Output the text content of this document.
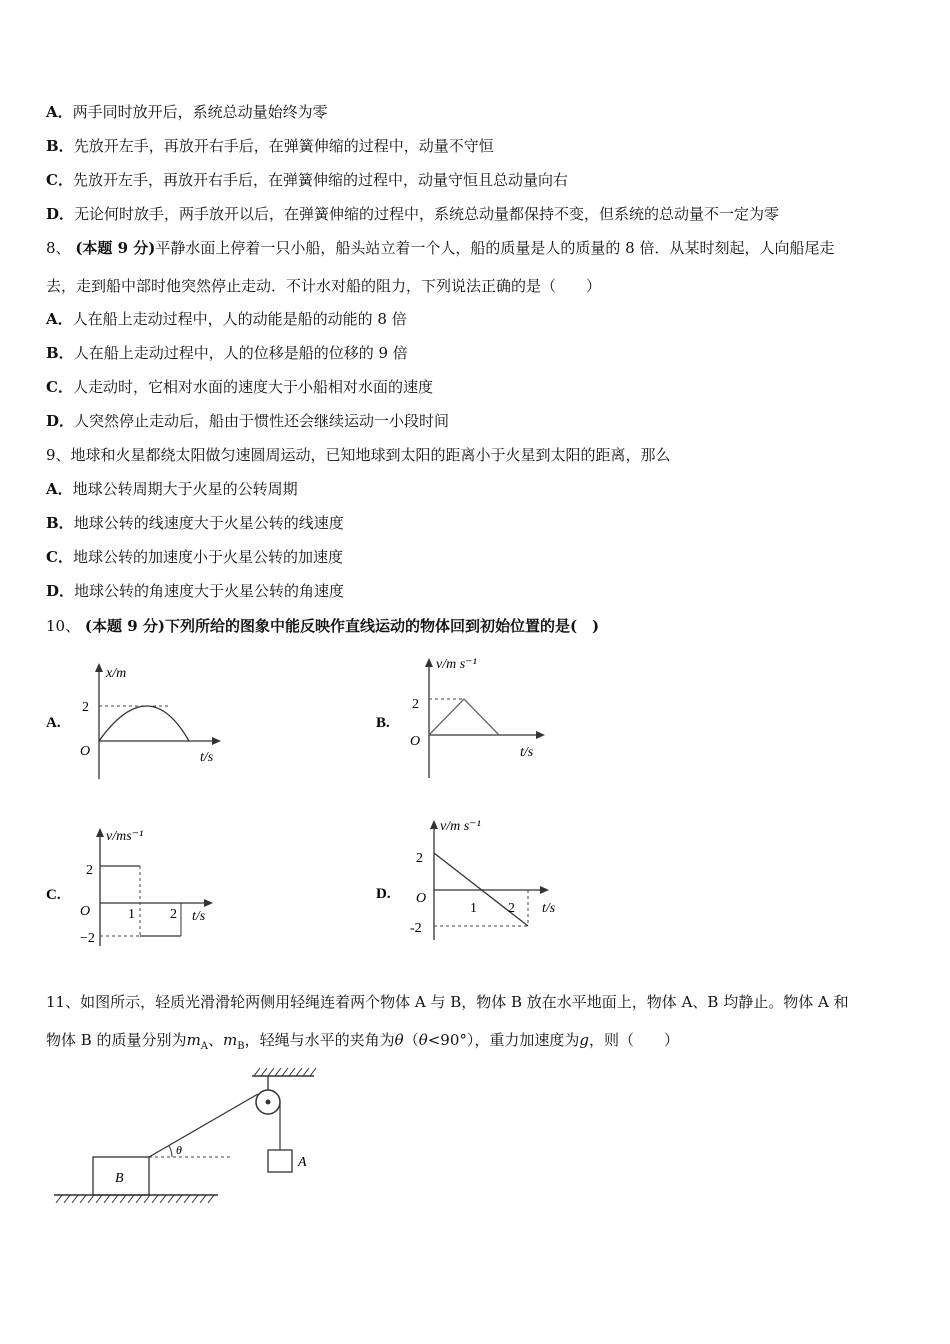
A．两手同时放开后，系统总动量始终为零
B．先放开左手，再放开右手后，在弹簧伸缩的过程中，动量不守恒
C．先放开左手，再放开右手后，在弹簧伸缩的过程中，动量守恒且总动量向右
D．无论何时放手，两手放开以后，在弹簧伸缩的过程中，系统总动量都保持不变，但系统的总动量不一定为零
8、 (本题 9 分)平静水面上停着一只小船，船头站立着一个人，船的质量是人的质量的 8 倍．从某时刻起，人向船尾走
去，走到船中部时他突然停止走动．不计水对船的阻力，下列说法正确的是（　　）
A．人在船上走动过程中，人的动能是船的动能的 8 倍
B．人在船上走动过程中，人的位移是船的位移的 9 倍
C．人走动时，它相对水面的速度大于小船相对水面的速度
D．人突然停止走动后，船由于惯性还会继续运动一小段时间
9、地球和火星都绕太阳做匀速圆周运动，已知地球到太阳的距离小于火星到太阳的距离，那么
A．地球公转周期大于火星的公转周期
B．地球公转的线速度大于火星公转的线速度
C．地球公转的加速度小于火星公转的加速度
D．地球公转的角速度大于火星公转的角速度
10、 (本题 9 分)下列所给的图象中能反映作直线运动的物体回到初始位置的是(　)
A.
x/m
t/s
O
2
B.
v/m s⁻¹
t/s
O
2
C.
v/ms⁻¹
t/s
O
2
−2
1	2
D.
v/m s⁻¹
t/s
O
2
-2
1 2
11、如图所示，轻质光滑滑轮两侧用轻绳连着两个物体 A 与 B，物体 B 放在水平地面上，物体 A、B 均静止。物体 A 和
物体 B 的质量分别为$m_A$、$m_B$，轻绳与水平的夹角为θ（θ<90°），重力加速度为g，则（　　）
A
θ
B
